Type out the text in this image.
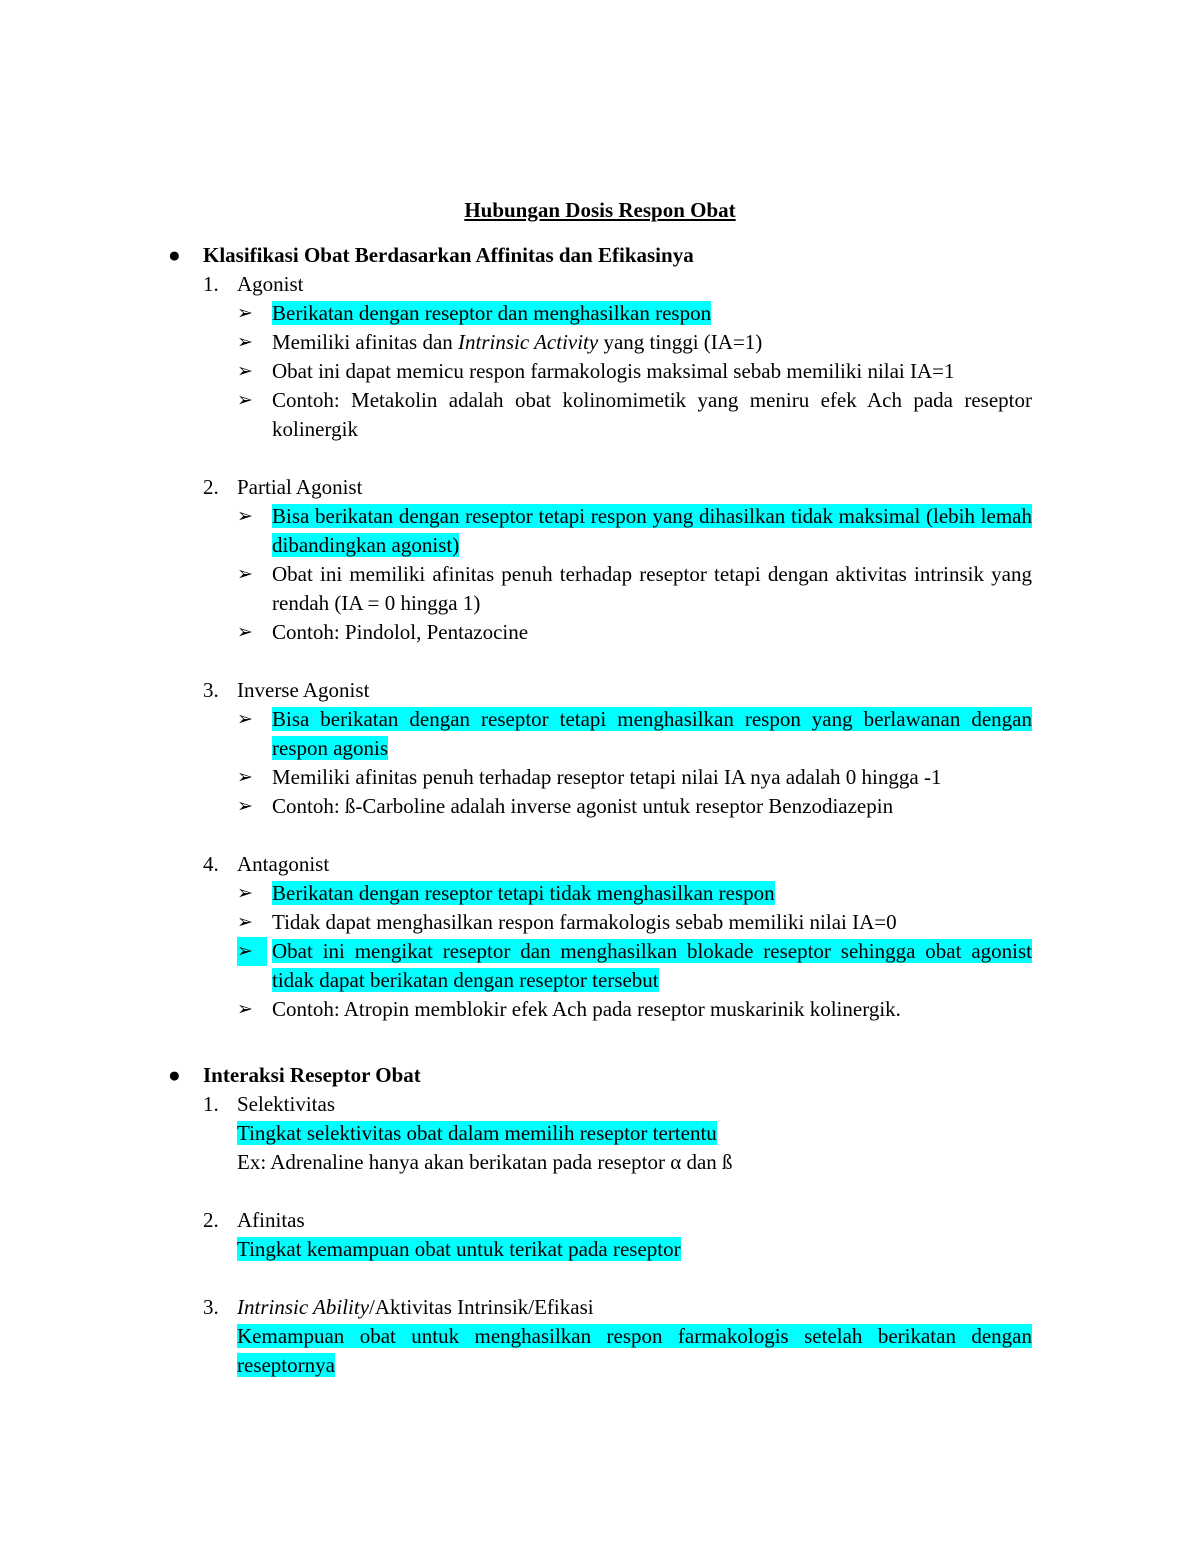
Hubungan Dosis Respon Obat
●	Klasifikasi Obat Berdasarkan Affinitas dan Efikasinya
1. Agonist
➢ Berikatan dengan reseptor dan menghasilkan respon
➢ Memiliki afinitas dan Intrinsic Activity yang tinggi (IA=1)
➢ Obat ini dapat memicu respon farmakologis maksimal sebab memiliki nilai IA=1
➢ Contoh: Metakolin adalah obat kolinomimetik yang meniru efek Ach pada reseptor kolinergik
2. Partial Agonist
➢ Bisa berikatan dengan reseptor tetapi respon yang dihasilkan tidak maksimal (lebih lemah dibandingkan agonist)
➢ Obat ini memiliki afinitas penuh terhadap reseptor tetapi dengan aktivitas intrinsik yang rendah (IA = 0 hingga 1)
➢ Contoh: Pindolol, Pentazocine
3. Inverse Agonist
➢ Bisa berikatan dengan reseptor tetapi menghasilkan respon yang berlawanan dengan respon agonis
➢ Memiliki afinitas penuh terhadap reseptor tetapi nilai IA nya adalah 0 hingga -1
➢ Contoh: ß-Carboline adalah inverse agonist untuk reseptor Benzodiazepin
4. Antagonist
➢ Berikatan dengan reseptor tetapi tidak menghasilkan respon
➢ Tidak dapat menghasilkan respon farmakologis sebab memiliki nilai IA=0
➢ Obat ini mengikat reseptor dan menghasilkan blokade reseptor sehingga obat agonist tidak dapat berikatan dengan reseptor tersebut
➢ Contoh: Atropin memblokir efek Ach pada reseptor muskarinik kolinergik.
●	Interaksi Reseptor Obat
1. Selektivitas
Tingkat selektivitas obat dalam memilih reseptor tertentu
Ex: Adrenaline hanya akan berikatan pada reseptor α dan ß
2. Afinitas
Tingkat kemampuan obat untuk terikat pada reseptor
3. Intrinsic Ability/Aktivitas Intrinsik/Efikasi
Kemampuan obat untuk menghasilkan respon farmakologis setelah berikatan dengan reseptornya
